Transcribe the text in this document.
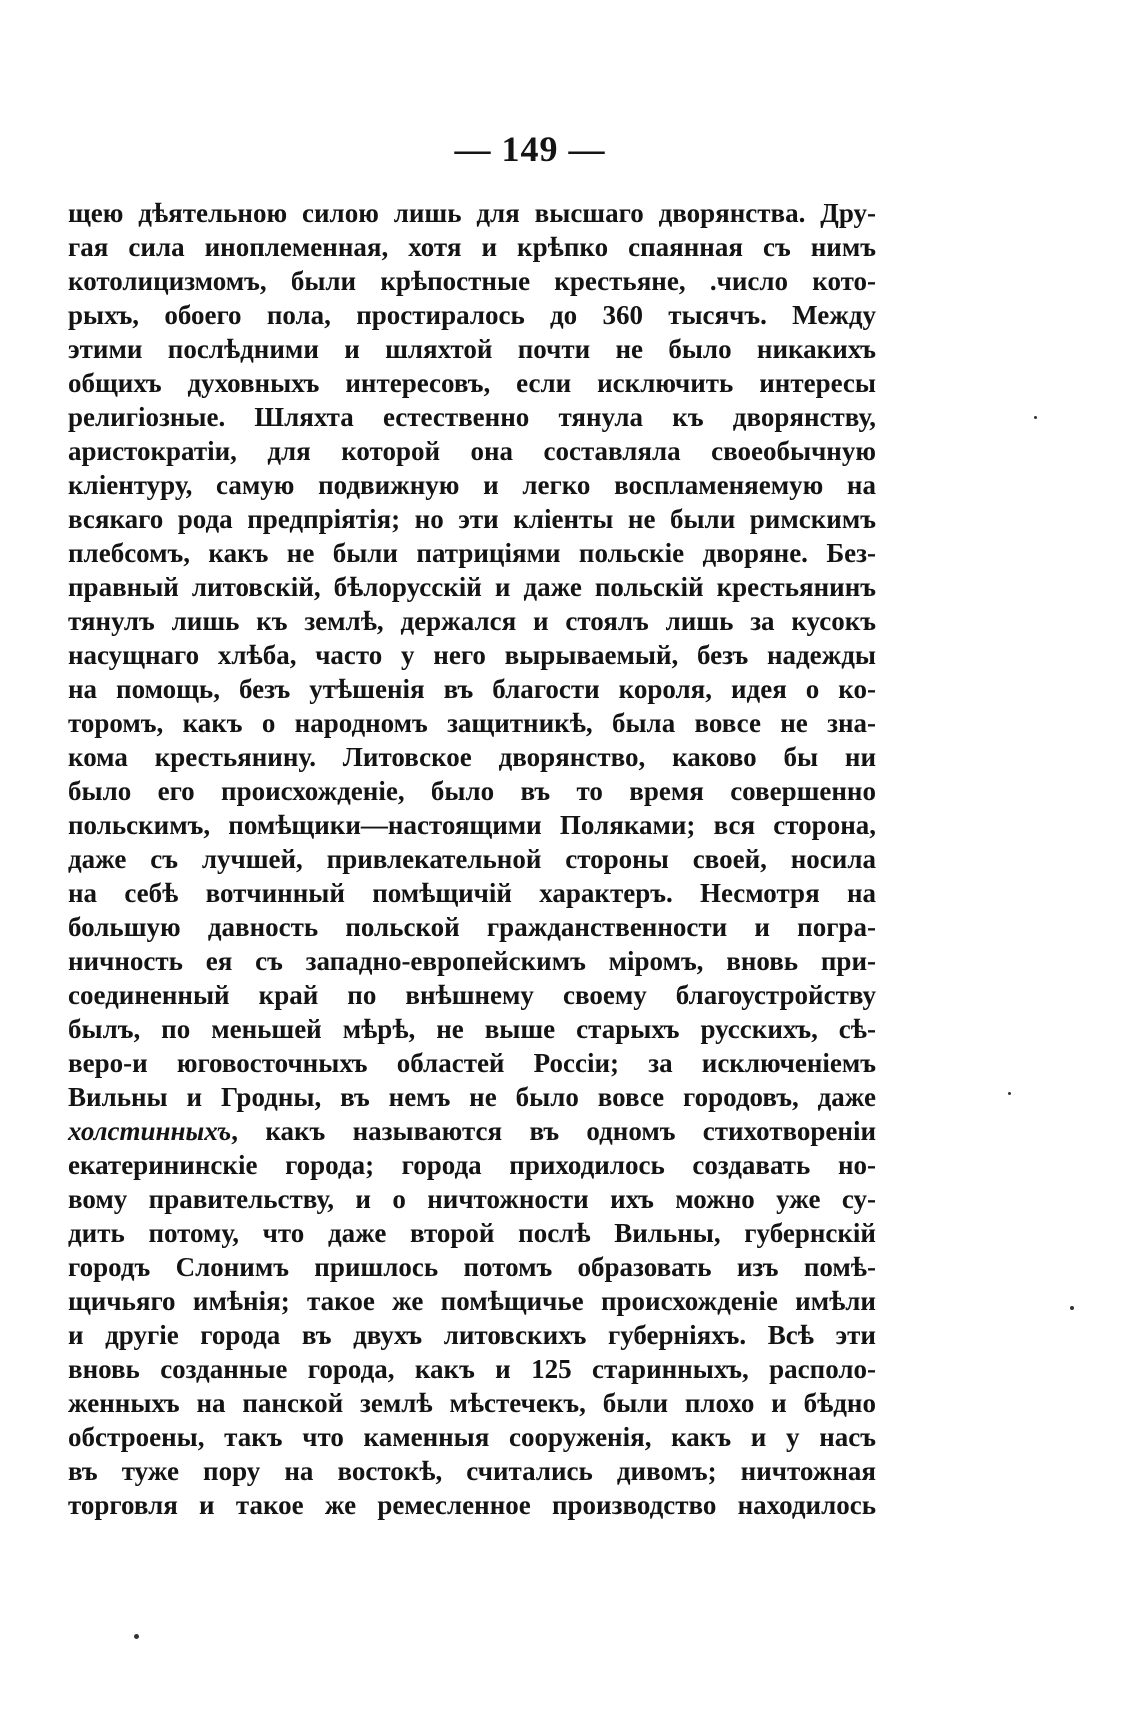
— 149 —
щею дѣятельною силою лишь для высшаго дворянства. Дру-
гая сила иноплеменная, хотя и крѣпко спаянная съ нимъ
котолицизмомъ, были крѣпостные крестьяне, .число кото-
рыхъ, обоего пола, простиралось до 360 тысячъ. Между
этими послѣдними и шляхтой почти не было никакихъ
общихъ духовныхъ интересовъ, если исключить интересы
религіозные. Шляхта естественно тянула къ дворянству,
аристократіи, для которой она составляла своеобычную
кліентуру, самую подвижную и легко воспламеняемую на
всякаго рода предпріятія; но эти кліенты не были римскимъ
плебсомъ, какъ не были патриціями польскіе дворяне. Без-
правный литовскій, бѣлорусскій и даже польскій крестьянинъ
тянулъ лишь къ землѣ, держался и стоялъ лишь за кусокъ
насущнаго хлѣба, часто у него вырываемый, безъ надежды
на помощь, безъ утѣшенія въ благости короля, идея о ко-
торомъ, какъ о народномъ защитникѣ, была вовсе не зна-
кома крестьянину. Литовское дворянство, каково бы ни
было его происхожденіе, было въ то время совершенно
польскимъ, помѣщики—настоящими Поляками; вся сторона,
даже съ лучшей, привлекательной стороны своей, носила
на себѣ вотчинный помѣщичій характеръ. Несмотря на
большую давность польской гражданственности и погра-
ничность ея съ западно-европейскимъ міромъ, вновь при-
соединенный край по внѣшнему своему благоустройству
былъ, по меньшей мѣрѣ, не выше старыхъ русскихъ, сѣ-
веро-и юговосточныхъ областей Россіи; за исключеніемъ
Вильны и Гродны, въ немъ не было вовсе городовъ, даже
холстинныхъ, какъ называются въ одномъ стихотвореніи
екатерининскіе города; города приходилось создавать но-
вому правительству, и о ничтожности ихъ можно уже су-
дить потому, что даже второй послѣ Вильны, губернскій
городъ Слонимъ пришлось потомъ образовать изъ помѣ-
щичьяго имѣнія; такое же помѣщичье происхожденіе имѣли
и другіе города въ двухъ литовскихъ губерніяхъ. Всѣ эти
вновь созданные города, какъ и 125 старинныхъ, располо-
женныхъ на панской землѣ мѣстечекъ, были плохо и бѣдно
обстроены, такъ что каменныя сооруженія, какъ и у насъ
въ туже пору на востокѣ, считались дивомъ; ничтожная
торговля и такое же ремесленное производство находилось
